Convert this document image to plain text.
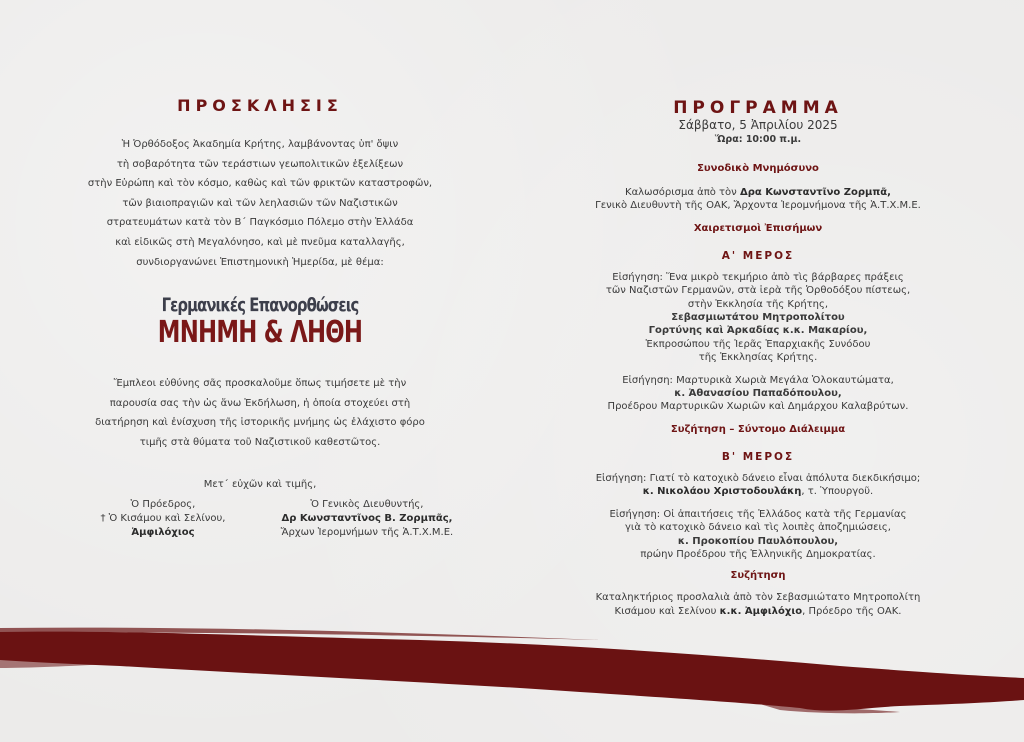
ΠΡΟΣΚΛΗΣΙΣ

Ἡ Ὀρθόδοξος Ἀκαδημία Κρήτης, λαμβάνοντας ὑπ' ὄψιν

τὴ σοβαρότητα τῶν τεράστιων γεωπολιτικῶν ἐξελίξεων

στὴν Εὐρώπη καὶ τὸν κόσμο, καθὼς καὶ τῶν φρικτῶν καταστροφῶν,

τῶν βιαιοπραγιῶν καὶ τῶν λεηλασιῶν τῶν Ναζιστικῶν

στρατευμάτων κατὰ τὸν Β΄ Παγκόσμιο Πόλεμο στὴν Ἑλλάδα

καὶ εἰδικῶς στὴ Μεγαλόνησο, καὶ μὲ πνεῦμα καταλλαγῆς,

συνδιοργανώνει Ἐπιστημονικὴ Ἡμερίδα, μὲ θέμα:

Γερμανικές Επανορθώσεις
ΜΝΗΜΗ & ΛΗΘΗ

Ἔμπλεοι εὐθύνης σᾶς προσκαλοῦμε ὅπως τιμήσετε μὲ τὴν

παρουσία σας τὴν ὡς ἄνω Ἐκδήλωση, ἡ ὁποία στοχεύει στὴ

διατήρηση καὶ ἐνίσχυση τῆς ἱστορικῆς μνήμης ὡς ἐλάχιστο φόρο

τιμῆς στὰ θύματα τοῦ Ναζιστικοῦ καθεστῶτος.

Μετ΄ εὐχῶν καὶ τιμῆς,
Ὁ Πρόεδρος,
† Ὁ Κισάμου καὶ Σελίνου,
Ἀμφιλόχιος
Ὁ Γενικὸς Διευθυντής,
Δρ Κωνσταντῖνος Β. Ζορμπᾶς,
Ἄρχων Ἱερομνήμων τῆς Ἁ.Τ.Χ.Μ.Ε.
ΠΡΟΓΡΑΜΜΑ
Σάββατο, 5 Ἀπριλίου 2025
Ὥρα: 10:00 π.μ.
Συνοδικὸ Μνημόσυνο
Καλωσόρισμα ἀπὸ τὸν Δρα Κωνσταντῖνο Ζορμπᾶ,
Γενικὸ Διευθυντὴ τῆς ΟΑΚ, Ἄρχοντα Ἱερομνήμονα τῆς Ἁ.Τ.Χ.Μ.Ε.
Χαιρετισμοὶ Ἐπισήμων
Α' ΜΕΡΟΣ
Εἰσήγηση: Ἕνα μικρὸ τεκμήριο ἀπὸ τὶς βάρβαρες πράξεις
τῶν Ναζιστῶν Γερμανῶν, στὰ ἱερὰ τῆς Ὀρθοδόξου πίστεως,
στὴν Ἐκκλησία τῆς Κρήτης,
Σεβασμιωτάτου Μητροπολίτου
Γορτύνης καὶ Ἀρκαδίας κ.κ. Μακαρίου,
Ἐκπροσώπου τῆς Ἱερᾶς Ἐπαρχιακῆς Συνόδου
τῆς Ἐκκλησίας Κρήτης.
Εἰσήγηση: Μαρτυρικὰ Χωριὰ Μεγάλα Ὁλοκαυτώματα,
κ. Ἀθανασίου Παπαδόπουλου,
Προέδρου Μαρτυρικῶν Χωριῶν καὶ Δημάρχου Καλαβρύτων.
Συζήτηση – Σύντομο Διάλειμμα
Β' ΜΕΡΟΣ
Εἰσήγηση: Γιατί τὸ κατοχικὸ δάνειο εἶναι ἀπόλυτα διεκδικήσιμο;
κ. Νικολάου Χριστοδουλάκη, τ. Ὑπουργοῦ.
Εἰσήγηση: Οἱ ἀπαιτήσεις τῆς Ἑλλάδος κατὰ τῆς Γερμανίας
γιὰ τὸ κατοχικὸ δάνειο καὶ τὶς λοιπὲς ἀποζημιώσεις,
κ. Προκοπίου Παυλόπουλου,
πρώην Προέδρου τῆς Ἑλληνικῆς Δημοκρατίας.
Συζήτηση
Καταληκτήριος προσλαλιὰ ἀπὸ τὸν Σεβασμιώτατο Μητροπολίτη
Κισάμου καὶ Σελίνου κ.κ. Ἀμφιλόχιο, Πρόεδρο τῆς ΟΑΚ.
